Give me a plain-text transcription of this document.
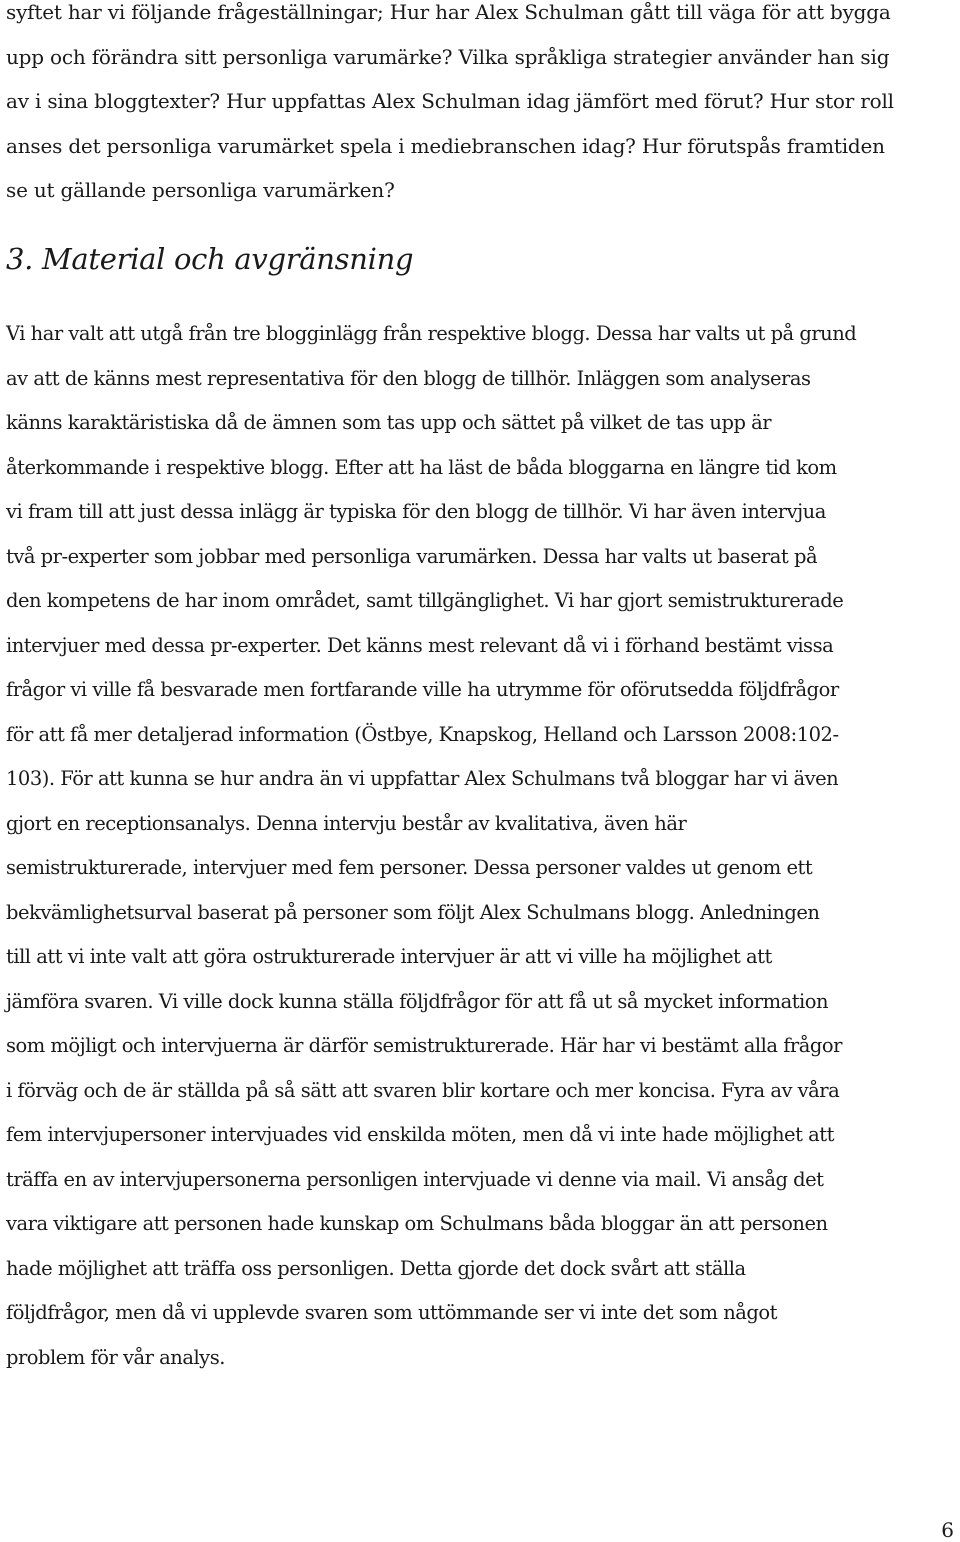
syftet har vi följande frågeställningar; Hur har Alex Schulman gått till väga för att bygga
upp och förändra sitt personliga varumärke? Vilka språkliga strategier använder han sig
av i sina bloggtexter? Hur uppfattas Alex Schulman idag jämfört med förut? Hur stor roll
anses det personliga varumärket spela i mediebranschen idag? Hur förutspås framtiden
se ut gällande personliga varumärken?

3. Material och avgränsning

Vi har valt att utgå från tre blogginlägg från respektive blogg. Dessa har valts ut på grund
av att de känns mest representativa för den blogg de tillhör. Inläggen som analyseras
känns karaktäristiska då de ämnen som tas upp och sättet på vilket de tas upp är
återkommande i respektive blogg. Efter att ha läst de båda bloggarna en längre tid kom
vi fram till att just dessa inlägg är typiska för den blogg de tillhör. Vi har även intervjua
två pr-experter som jobbar med personliga varumärken. Dessa har valts ut baserat på
den kompetens de har inom området, samt tillgänglighet. Vi har gjort semistrukturerade
intervjuer med dessa pr-experter. Det känns mest relevant då vi i förhand bestämt vissa
frågor vi ville få besvarade men fortfarande ville ha utrymme för oförutsedda följdfrågor
för att få mer detaljerad information (Östbye, Knapskog, Helland och Larsson 2008:102-
103). För att kunna se hur andra än vi uppfattar Alex Schulmans två bloggar har vi även
gjort en receptionsanalys. Denna intervju består av kvalitativa, även här
semistrukturerade, intervjuer med fem personer. Dessa personer valdes ut genom ett
bekvämlighetsurval baserat på personer som följt Alex Schulmans blogg. Anledningen
till att vi inte valt att göra ostrukturerade intervjuer är att vi ville ha möjlighet att
jämföra svaren. Vi ville dock kunna ställa följdfrågor för att få ut så mycket information
som möjligt och intervjuerna är därför semistrukturerade. Här har vi bestämt alla frågor
i förväg och de är ställda på så sätt att svaren blir kortare och mer koncisa. Fyra av våra
fem intervjupersoner intervjuades vid enskilda möten, men då vi inte hade möjlighet att
träffa en av intervjupersonerna personligen intervjuade vi denne via mail. Vi ansåg det
vara viktigare att personen hade kunskap om Schulmans båda bloggar än att personen
hade möjlighet att träffa oss personligen. Detta gjorde det dock svårt att ställa
följdfrågor, men då vi upplevde svaren som uttömmande ser vi inte det som något
problem för vår analys.

6
